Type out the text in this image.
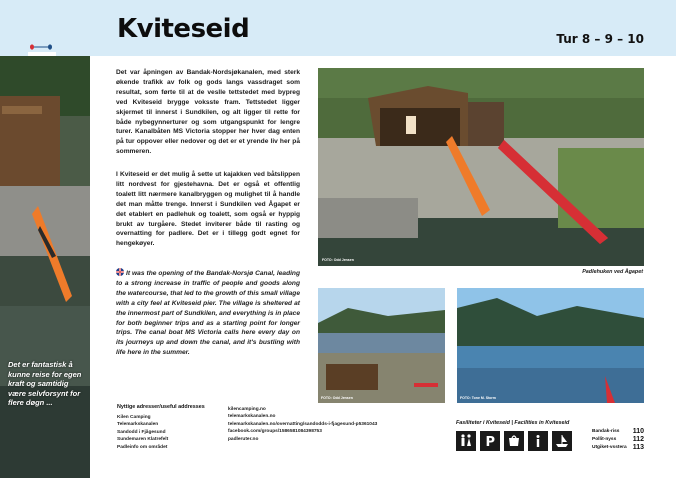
Kviteseid	Tur 8 – 9 – 10
Det er fantastisk å kunne reise for egen kraft og samtidig være selvforsynt for flere døgn ...
Det var åpningen av Bandak-Nordsjøkanalen, med sterk økende trafikk av folk og gods langs vassdraget som resultat, som førte til at de veslle tettstedet med bypreg ved Kviteseid brygge voksste fram. Tettstedet ligger skjermet til innerst i Sundkilen, og alt ligger til rette for både nybegynnerturer og som utgangspunkt for lengre turer. Kanalbåten MS Victoria stopper her hver dag enten på tur oppover eller nedover og det er et yrende liv her på sommeren.
I Kviteseid er det mulig å sette ut kajakken ved båtslippen litt nordvest for gjestehavna. Det er også et offentlig toalett litt nærmere kanalbryggen og mulighet til å handle det man måtte trenge. Innerst i Sundkilen ved Ågapet er det etablert en padlehuk og toalett, som også er hyppig brukt av turgåere. Stedet inviterer både til rasting og overnatting for padlere. Det er i tillegg godt egnet for hengekøyer.
It was the opening of the Bandak-Norsjø Canal, leading to a strong increase in traffic of people and goods along the watercourse, that led to the growth of this small village with a city feel at Kviteseid pier. The village is sheltered at the innermost part of Sundkilen, and everything is in place for both beginner trips and as a starting point for longer trips. The canal boat MS Victoria calls here every day on its journeys up and down the canal, and it's bustling with life here in the summer.
FOTO: Odd Jensen
Padlehuken ved Ågapet
FOTO: Odd Jensen	FOTO: Tone M. Storm
Nyttige adresser/useful addresses
Kilen Camping
Telemarkskanalen
Sandodd i Fjågesund
Sundemaren Klatrefelt
Padleinfo om området
kilencamping.no
telemarkskanalen.no
telemarkskanalen.no/overnatting/sandodds-i-fjagesund-p5361043
facebook.com/groups/1586581084398753
padleruter.no
Fasiliteter i Kviteseid | Facilities in Kviteseid
P
Bandak-riss 110
Pollit-nyss 112
Utgiket-vsstera 113
